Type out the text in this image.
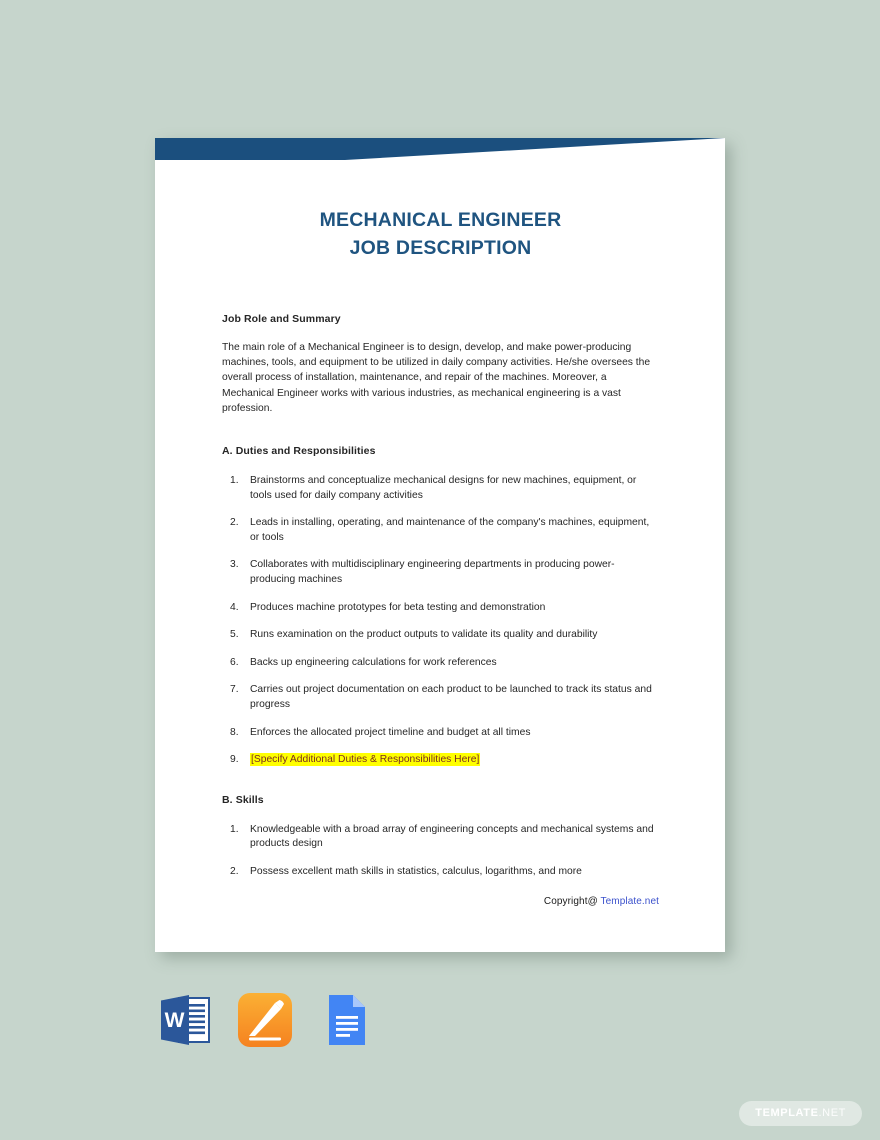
MECHANICAL ENGINEER
JOB DESCRIPTION
Job Role and Summary

The main role of a Mechanical Engineer is to design, develop, and make power-producing machines, tools, and equipment to be utilized in daily company activities. He/she oversees the overall process of installation, maintenance, and repair of the machines. Moreover, a Mechanical Engineer works with various industries, as mechanical engineering is a vast profession.

A. Duties and Responsibilities
1. Brainstorms and conceptualize mechanical designs for new machines, equipment, or tools used for daily company activities
2. Leads in installing, operating, and maintenance of the company's machines, equipment, or tools
3. Collaborates with multidisciplinary engineering departments in producing power-producing machines
4. Produces machine prototypes for beta testing and demonstration
5. Runs examination on the product outputs to validate its quality and durability
6. Backs up engineering calculations for work references
7. Carries out project documentation on each product to be launched to track its status and progress
8. Enforces the allocated project timeline and budget at all times
9. [Specify Additional Duties & Responsibilities Here]
B. Skills
1. Knowledgeable with a broad array of engineering concepts and mechanical systems and products design
2. Possess excellent math skills in statistics, calculus, logarithms, and more
Copyright@ Template.net
W
TEMPLATE.NET
